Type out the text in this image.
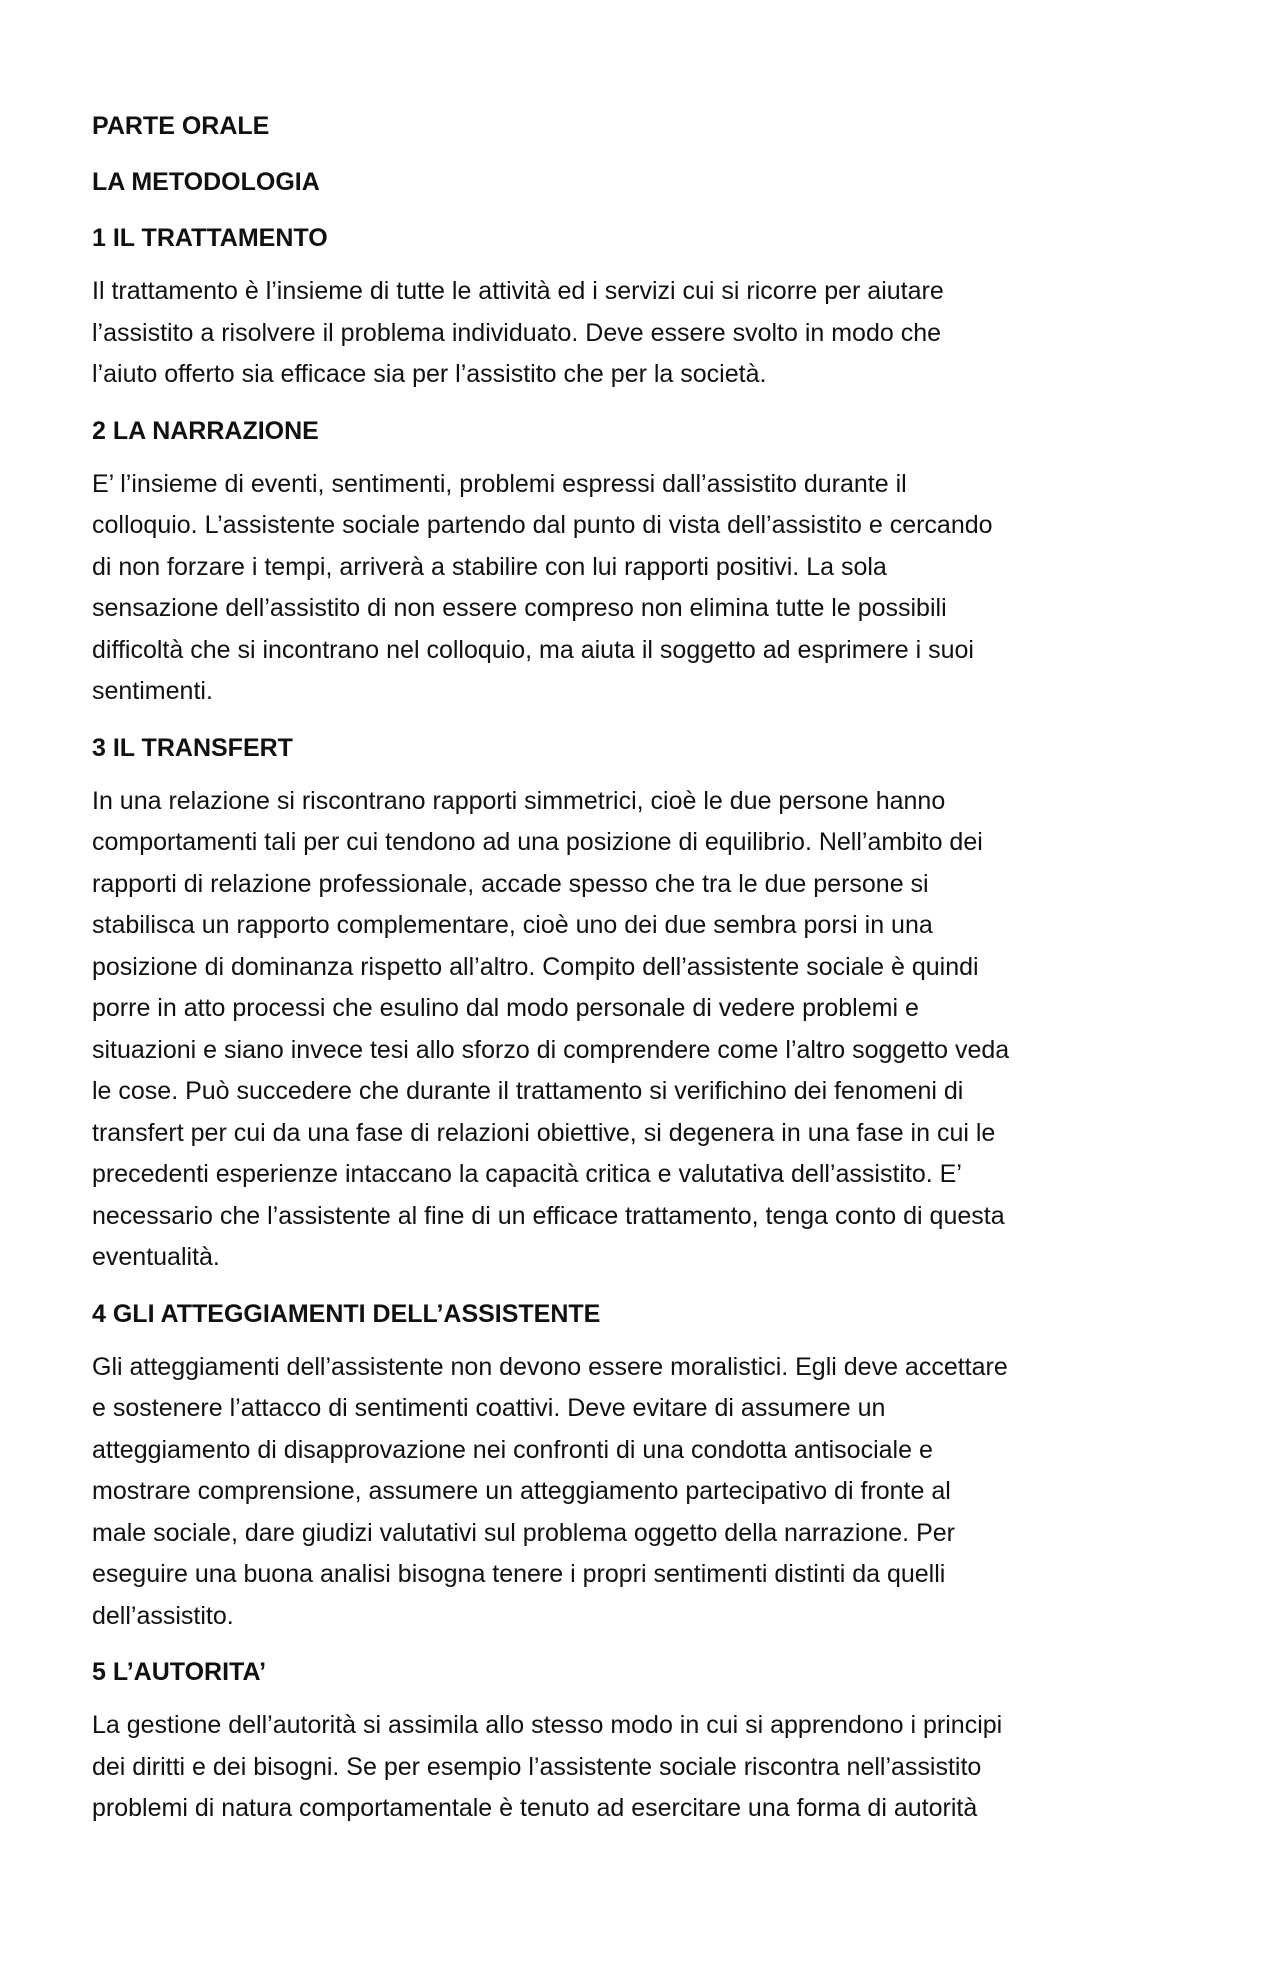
PARTE ORALE
LA METODOLOGIA
1 IL TRATTAMENTO
Il trattamento è l’insieme di tutte le attività ed i servizi cui si ricorre per aiutare
l’assistito a risolvere il problema individuato. Deve essere svolto in modo che
l’aiuto offerto sia efficace sia per l’assistito che per la società.
2 LA NARRAZIONE
E’ l’insieme di eventi, sentimenti, problemi espressi dall’assistito durante il
colloquio. L’assistente sociale partendo dal punto di vista dell’assistito e cercando
di non forzare i tempi, arriverà a stabilire con lui rapporti positivi. La sola
sensazione dell’assistito di non essere compreso non elimina tutte le possibili
difficoltà che si incontrano nel colloquio, ma aiuta il soggetto ad esprimere i suoi
sentimenti.
3 IL TRANSFERT
In una relazione si riscontrano rapporti simmetrici, cioè le due persone hanno
comportamenti tali per cui tendono ad una posizione di equilibrio. Nell’ambito dei
rapporti di relazione professionale, accade spesso che tra le due persone si
stabilisca un rapporto complementare, cioè uno dei due sembra porsi in una
posizione di dominanza rispetto all’altro. Compito dell’assistente sociale è quindi
porre in atto processi che esulino dal modo personale di vedere problemi e
situazioni e siano invece tesi allo sforzo di comprendere come l’altro soggetto veda
le cose. Può succedere che durante il trattamento si verifichino dei fenomeni di
transfert per cui da una fase di relazioni obiettive, si degenera in una fase in cui le
precedenti esperienze intaccano la capacità critica e valutativa dell’assistito. E’
necessario che l’assistente al fine di un efficace trattamento, tenga conto di questa
eventualità.
4 GLI ATTEGGIAMENTI DELL’ASSISTENTE
Gli atteggiamenti dell’assistente non devono essere moralistici. Egli deve accettare
e sostenere l’attacco di sentimenti coattivi. Deve evitare di assumere un
atteggiamento di disapprovazione nei confronti di una condotta antisociale e
mostrare comprensione, assumere un atteggiamento partecipativo di fronte al
male sociale, dare giudizi valutativi sul problema oggetto della narrazione. Per
eseguire una buona analisi bisogna tenere i propri sentimenti distinti da quelli
dell’assistito.
5 L’AUTORITA’
La gestione dell’autorità si assimila allo stesso modo in cui si apprendono i principi
dei diritti e dei bisogni. Se per esempio l’assistente sociale riscontra nell’assistito
problemi di natura comportamentale è tenuto ad esercitare una forma di autorità
